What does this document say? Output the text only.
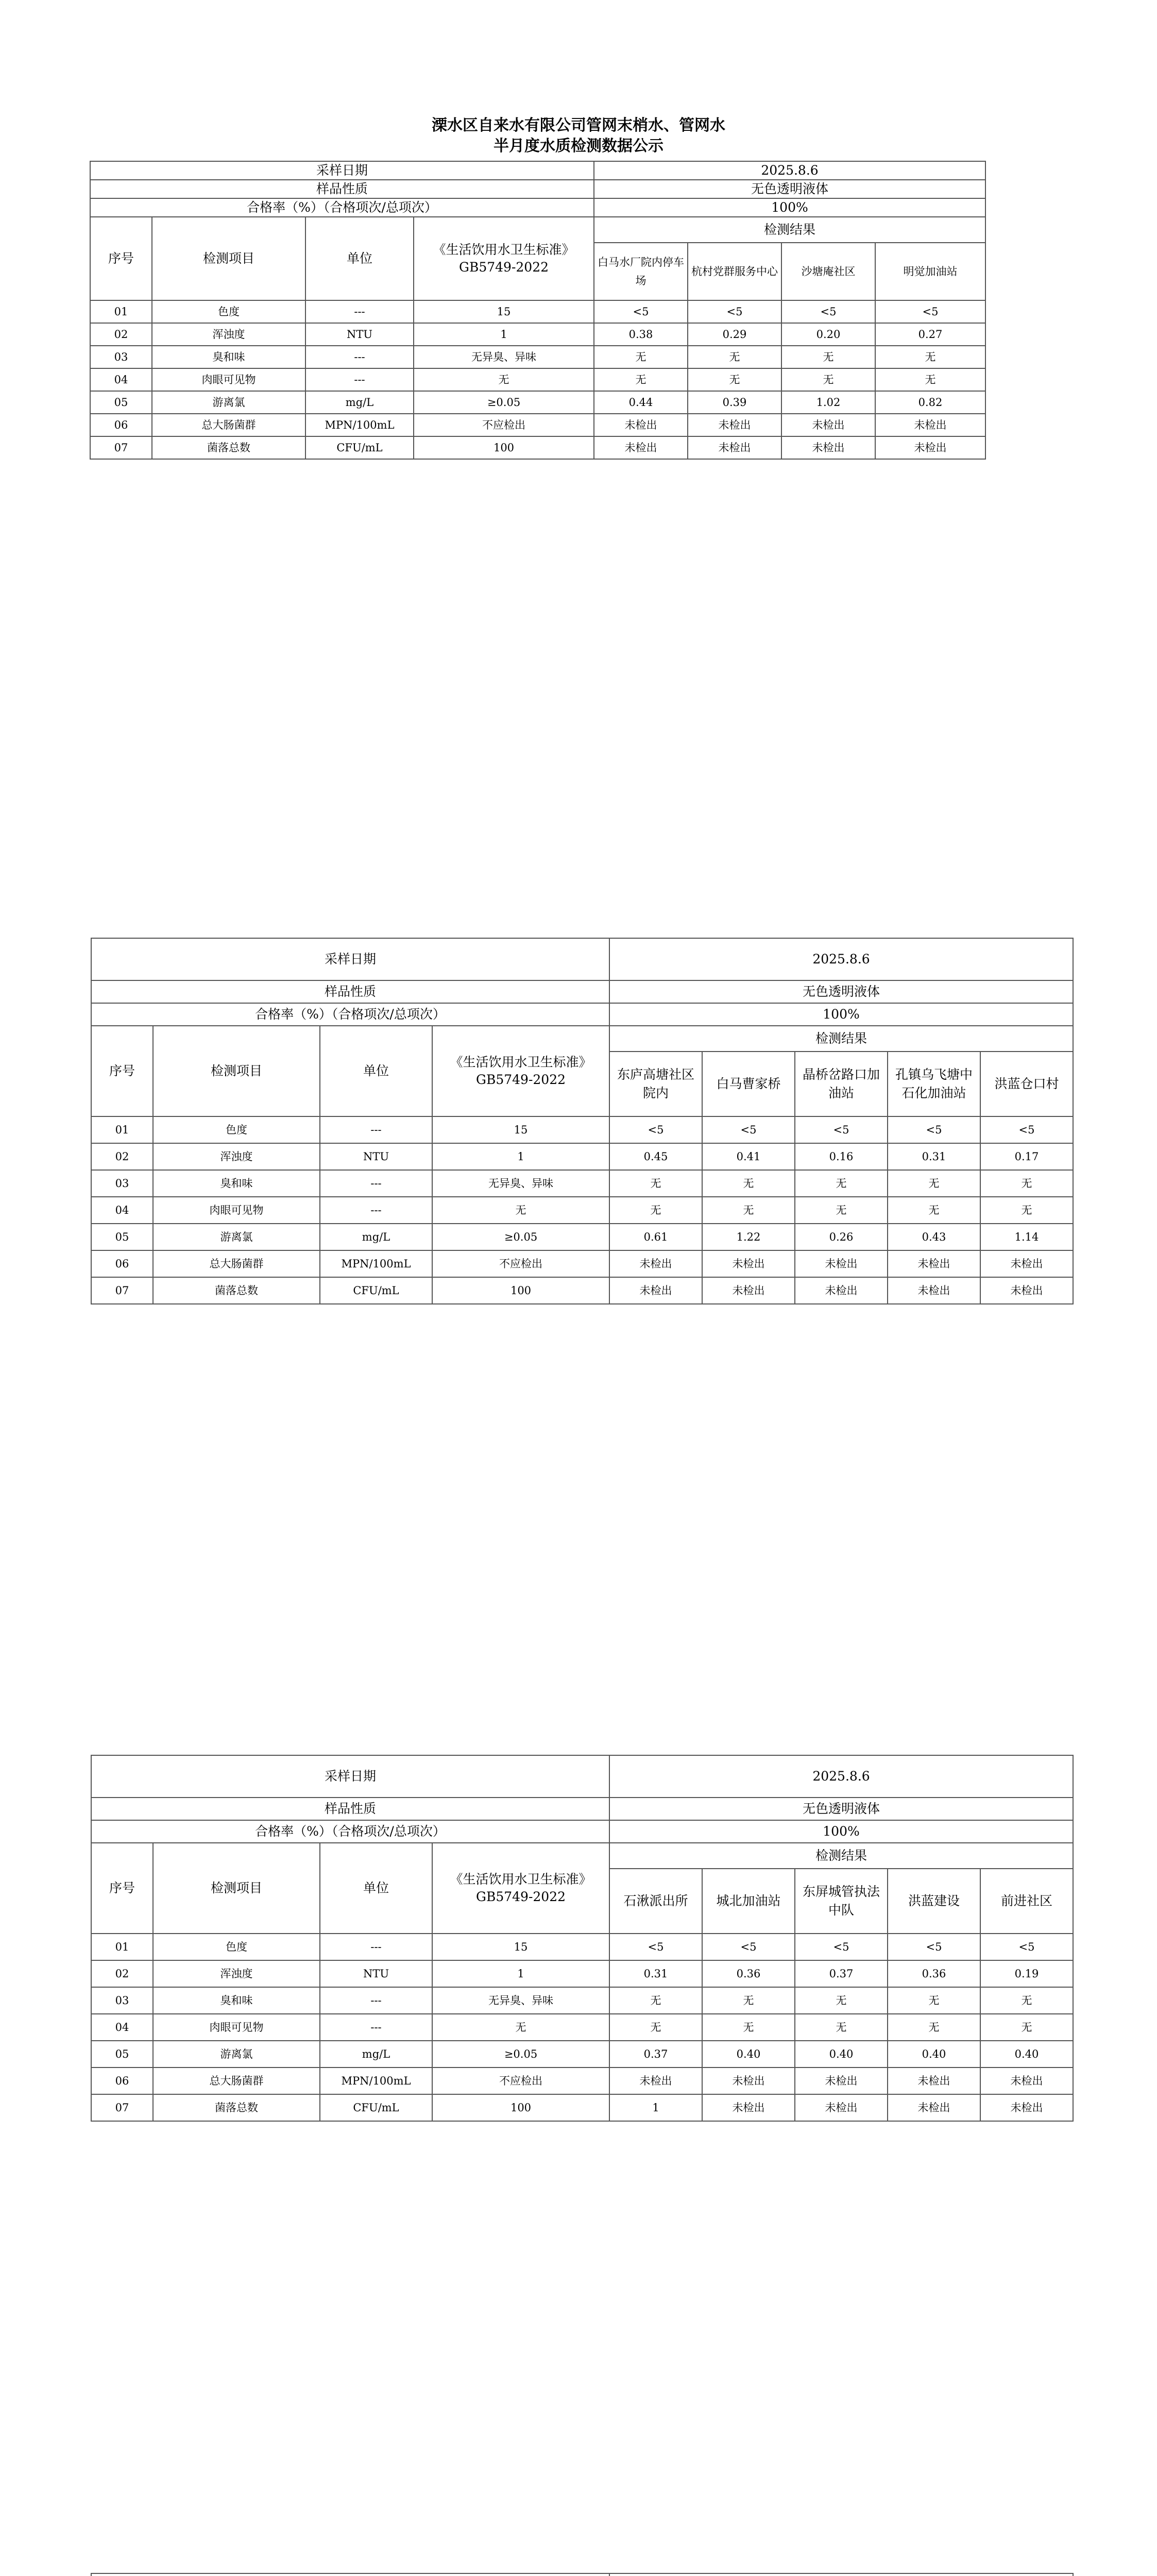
溧水区自来水有限公司管网末梢水、管网水
半月度水质检测数据公示
采样日期				2025.8.6			
样品性质				无色透明液体			
合格率（%）（合格项次/总项次）				100%			
序号	检测项目	单位	《生活饮用水卫生标准》GB5749-2022	检测结果			
				白马水厂院内停车场	杭村党群服务中心	沙塘庵社区	明觉加油站
01	色度	---	15	<5	<5	<5	<5
02	浑浊度	NTU	1	0.38	0.29	0.20	0.27
03	臭和味	---	无异臭、异味	无	无	无	无
04	肉眼可见物	---	无	无	无	无	无
05	游离氯	mg/L	≥0.05	0.44	0.39	1.02	0.82
06	总大肠菌群	MPN/100mL	不应检出	未检出	未检出	未检出	未检出
07	菌落总数	CFU/mL	100	未检出	未检出	未检出	未检出
采样日期				2025.8.6				
样品性质				无色透明液体				
合格率（%）（合格项次/总项次）				100%				
序号	检测项目	单位	《生活饮用水卫生标准》GB5749-2022	检测结果				
				东庐高塘社区院内	白马曹家桥	晶桥岔路口加油站	孔镇乌飞塘中石化加油站	洪蓝仓口村
01	色度	---	15	<5	<5	<5	<5	<5
02	浑浊度	NTU	1	0.45	0.41	0.16	0.31	0.17
03	臭和味	---	无异臭、异味	无	无	无	无	无
04	肉眼可见物	---	无	无	无	无	无	无
05	游离氯	mg/L	≥0.05	0.61	1.22	0.26	0.43	1.14
06	总大肠菌群	MPN/100mL	不应检出	未检出	未检出	未检出	未检出	未检出
07	菌落总数	CFU/mL	100	未检出	未检出	未检出	未检出	未检出
采样日期				2025.8.6				
样品性质				无色透明液体				
合格率（%）（合格项次/总项次）				100%				
序号	检测项目	单位	《生活饮用水卫生标准》GB5749-2022	检测结果				
				石湫派出所	城北加油站	东屏城管执法中队	洪蓝建设	前进社区
01	色度	---	15	<5	<5	<5	<5	<5
02	浑浊度	NTU	1	0.31	0.36	0.37	0.36	0.19
03	臭和味	---	无异臭、异味	无	无	无	无	无
04	肉眼可见物	---	无	无	无	无	无	无
05	游离氯	mg/L	≥0.05	0.37	0.40	0.40	0.40	0.40
06	总大肠菌群	MPN/100mL	不应检出	未检出	未检出	未检出	未检出	未检出
07	菌落总数	CFU/mL	100	1	未检出	未检出	未检出	未检出
